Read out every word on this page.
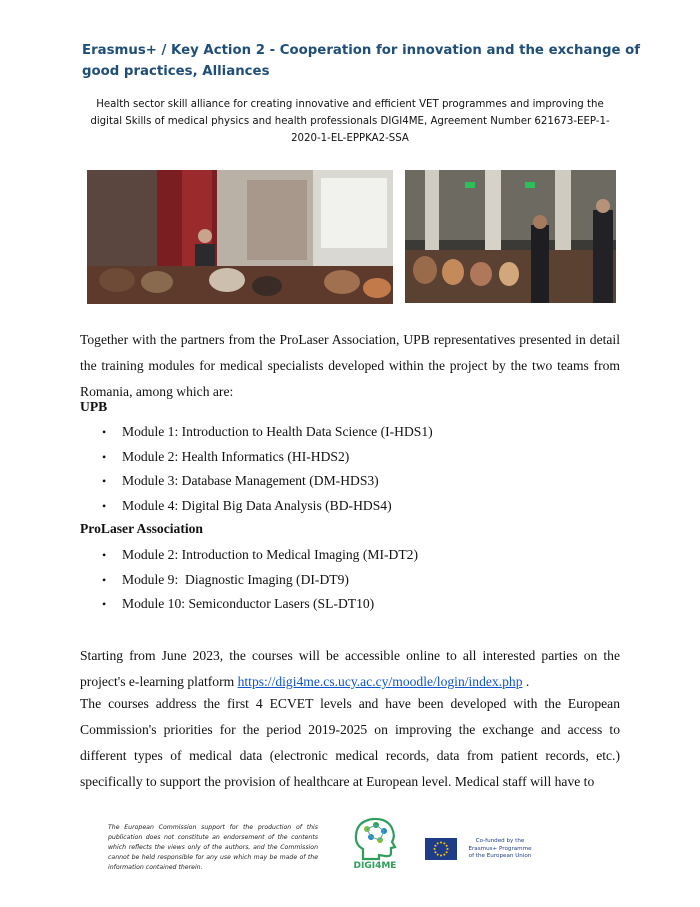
Erasmus+ / Key Action 2 - Cooperation for innovation and the exchange of good practices, Alliances
Health sector skill alliance for creating innovative and efficient VET programmes and improving the digital Skills of medical physics and health professionals DIGI4ME, Agreement Number 621673-EEP-1-2020-1-EL-EPPKA2-SSA
Together with the partners from the ProLaser Association, UPB representatives presented in detail the training modules for medical specialists developed within the project by the two teams from Romania, among which are:
UPB
• Module 1: Introduction to Health Data Science (I-HDS1)
• Module 2: Health Informatics (HI-HDS2)
• Module 3: Database Management (DM-HDS3)
• Module 4: Digital Big Data Analysis (BD-HDS4)
ProLaser Association
• Module 2: Introduction to Medical Imaging (MI-DT2)
• Module 9:  Diagnostic Imaging (DI-DT9)
• Module 10: Semiconductor Lasers (SL-DT10)
Starting from June 2023, the courses will be accessible online to all interested parties on the project's e-learning platform https://digi4me.cs.ucy.ac.cy/moodle/login/index.php .
The courses address the first 4 ECVET levels and have been developed with the European Commission's priorities for the period 2019-2025 on improving the exchange and access to different types of medical data (electronic medical records, data from patient records, etc.) specifically to support the provision of healthcare at European level. Medical staff will have to
The European Commission support for the production of this publication does not constitute an endorsement of the contents which reflects the views only of the authors, and the Commission cannot be held responsible for any use which may be made of the information contained therein.	DIGI4ME
Co-funded by the
Erasmus+ Programme
of the European Union
